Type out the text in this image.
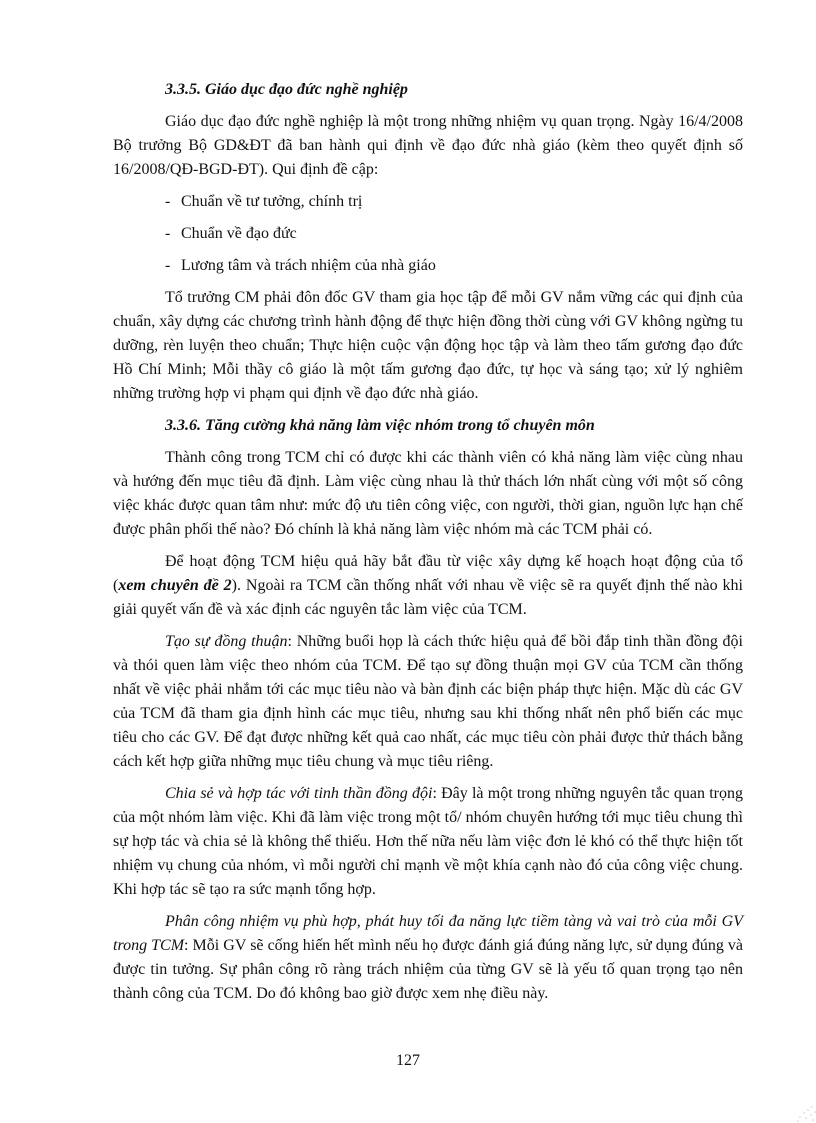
3.3.5. Giáo dục đạo đức nghề nghiệp

Giáo dục đạo đức nghề nghiệp là một trong những nhiệm vụ quan trọng. Ngày 16/4/2008 Bộ trưởng Bộ GD&ĐT đã ban hành qui định về đạo đức nhà giáo (kèm theo quyết định số 16/2008/QĐ-BGD-ĐT). Qui định đề cập:

- Chuẩn về tư tưởng, chính trị
- Chuẩn về đạo đức
- Lương tâm và trách nhiệm của nhà giáo

Tổ trưởng CM phải đôn đốc GV tham gia học tập để mỗi GV nắm vững các qui định của chuẩn, xây dựng các chương trình hành động để thực hiện đồng thời cùng với GV không ngừng tu dưỡng, rèn luyện theo chuẩn; Thực hiện cuộc vận động học tập và làm theo tấm gương đạo đức Hồ Chí Minh; Mỗi thầy cô giáo là một tấm gương đạo đức, tự học và sáng tạo; xử lý nghiêm những trường hợp vi phạm qui định về đạo đức nhà giáo.

3.3.6. Tăng cường khả năng làm việc nhóm trong tổ chuyên môn

Thành công trong TCM chỉ có được khi các thành viên có khả năng làm việc cùng nhau và hướng đến mục tiêu đã định. Làm việc cùng nhau là thử thách lớn nhất cùng với một số công việc khác được quan tâm như: mức độ ưu tiên công việc, con người, thời gian, nguồn lực hạn chế được phân phối thế nào? Đó chính là khả năng làm việc nhóm mà các TCM phải có.

Để hoạt động TCM hiệu quả hãy bắt đầu từ việc xây dựng kế hoạch hoạt động của tổ (xem chuyên đề 2). Ngoài ra TCM cần thống nhất với nhau về việc sẽ ra quyết định thế nào khi giải quyết vấn đề và xác định các nguyên tắc làm việc của TCM.

Tạo sự đồng thuận: Những buổi họp là cách thức hiệu quả để bồi đắp tinh thần đồng đội và thói quen làm việc theo nhóm của TCM. Để tạo sự đồng thuận mọi GV của TCM cần thống nhất về việc phải nhắm tới các mục tiêu nào và bàn định các biện pháp thực hiện. Mặc dù các GV của TCM đã tham gia định hình các mục tiêu, nhưng sau khi thống nhất nên phổ biến các mục tiêu cho các GV. Để đạt được những kết quả cao nhất, các mục tiêu còn phải được thử thách bằng cách kết hợp giữa những mục tiêu chung và mục tiêu riêng.

Chia sẻ và hợp tác với tinh thần đồng đội: Đây là một trong những nguyên tắc quan trọng của một nhóm làm việc. Khi đã làm việc trong một tổ/ nhóm chuyên hướng tới mục tiêu chung thì sự hợp tác và chia sẻ là không thể thiếu. Hơn thế nữa nếu làm việc đơn lẻ khó có thể thực hiện tốt nhiệm vụ chung của nhóm, vì mỗi người chỉ mạnh về một khía cạnh nào đó của công việc chung. Khi hợp tác sẽ tạo ra sức mạnh tổng hợp.

Phân công nhiệm vụ phù hợp, phát huy tối đa năng lực tiềm tàng và vai trò của mỗi GV trong TCM: Mỗi GV sẽ cống hiến hết mình nếu họ được đánh giá đúng năng lực, sử dụng đúng và được tin tưởng. Sự phân công rõ ràng trách nhiệm của từng GV sẽ là yếu tố quan trọng tạo nên thành công của TCM. Do đó không bao giờ được xem nhẹ điều này.

127
